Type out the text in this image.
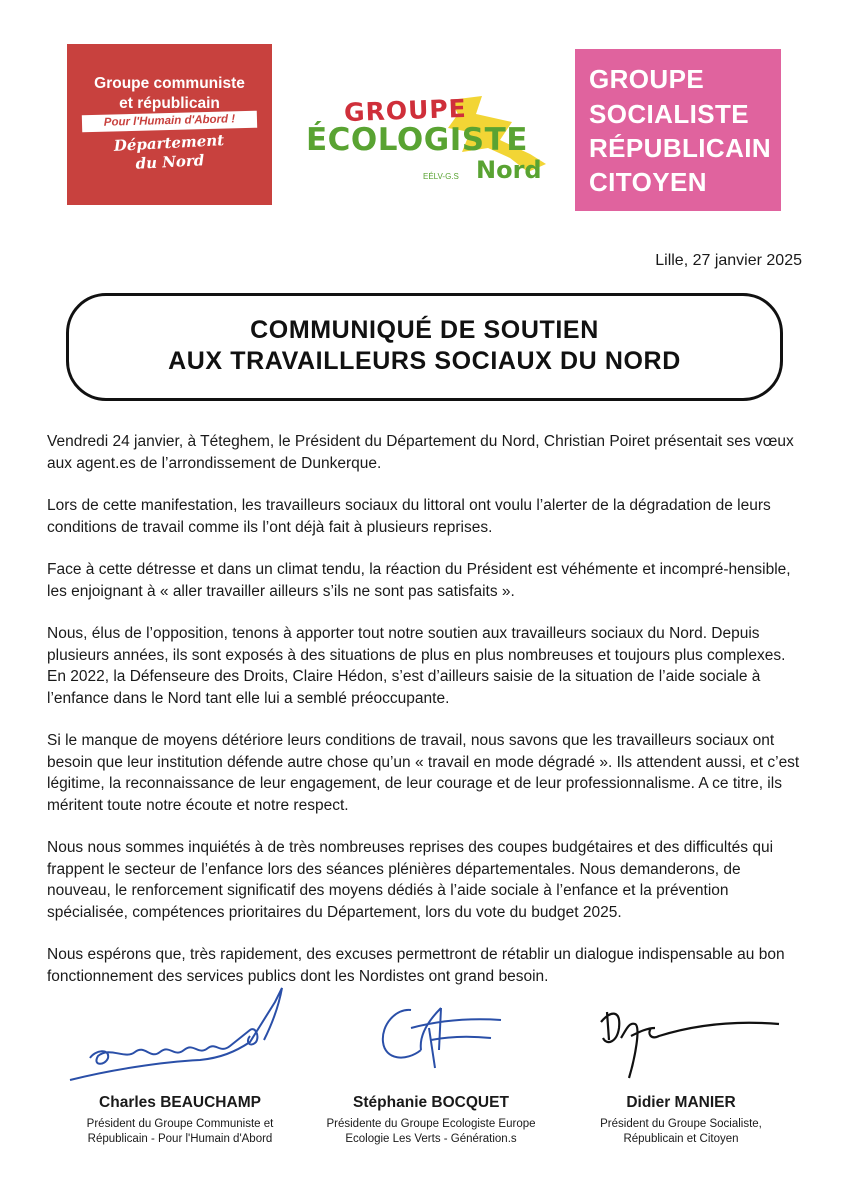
Groupe communiste
et républicain
Pour l'Humain d'Abord !
Département
du Nord
GROUPE
ÉCOLOGISTE
EÉLV-G.S Nord
GROUPE
SOCIALISTE
RÉPUBLICAIN
CITOYEN
Lille, 27 janvier 2025
COMMUNIQUÉ DE SOUTIEN
AUX TRAVAILLEURS SOCIAUX DU NORD

Vendredi 24 janvier, à Téteghem, le Président du Département du Nord, Christian Poiret présentait ses vœux aux agent.es de l’arrondissement de Dunkerque.

Lors de cette manifestation, les travailleurs sociaux du littoral ont voulu l’alerter de la dégradation de leurs conditions de travail comme ils l’ont déjà fait à plusieurs reprises.

Face à cette détresse et dans un climat tendu, la réaction du Président est véhémente et incompré-hensible, les enjoignant à « aller travailler ailleurs s’ils ne sont pas satisfaits ».

Nous, élus de l’opposition, tenons à apporter tout notre soutien aux travailleurs sociaux du Nord. Depuis plusieurs années, ils sont exposés à des situations de plus en plus nombreuses et toujours plus complexes. En 2022, la Défenseure des Droits, Claire Hédon, s’est d’ailleurs saisie de la situation de l’aide sociale à l’enfance dans le Nord tant elle lui a semblé préoccupante.

Si le manque de moyens détériore leurs conditions de travail, nous savons que les travailleurs sociaux ont besoin que leur institution défende autre chose qu’un « travail en mode dégradé ». Ils attendent aussi, et c’est légitime, la reconnaissance de leur engagement, de leur courage et de leur professionnalisme. A ce titre, ils méritent toute notre écoute et notre respect.

Nous nous sommes inquiétés à de très nombreuses reprises des coupes budgétaires et des difficultés qui frappent le secteur de l’enfance lors des séances plénières départementales. Nous demanderons, de nouveau, le renforcement significatif des moyens dédiés à l’aide sociale à l’enfance et la prévention spécialisée, compétences prioritaires du Département, lors du vote du budget 2025.

Nous espérons que, très rapidement, des excuses permettront de rétablir un dialogue indispensable au bon fonctionnement des services publics dont les Nordistes ont grand besoin.

Charles BEAUCHAMP
Président du Groupe Communiste et
Républicain - Pour l'Humain d'Abord
Stéphanie BOCQUET
Présidente du Groupe Ecologiste Europe
Ecologie Les Verts - Génération.s
Didier MANIER
Président du Groupe Socialiste,
Républicain et Citoyen
